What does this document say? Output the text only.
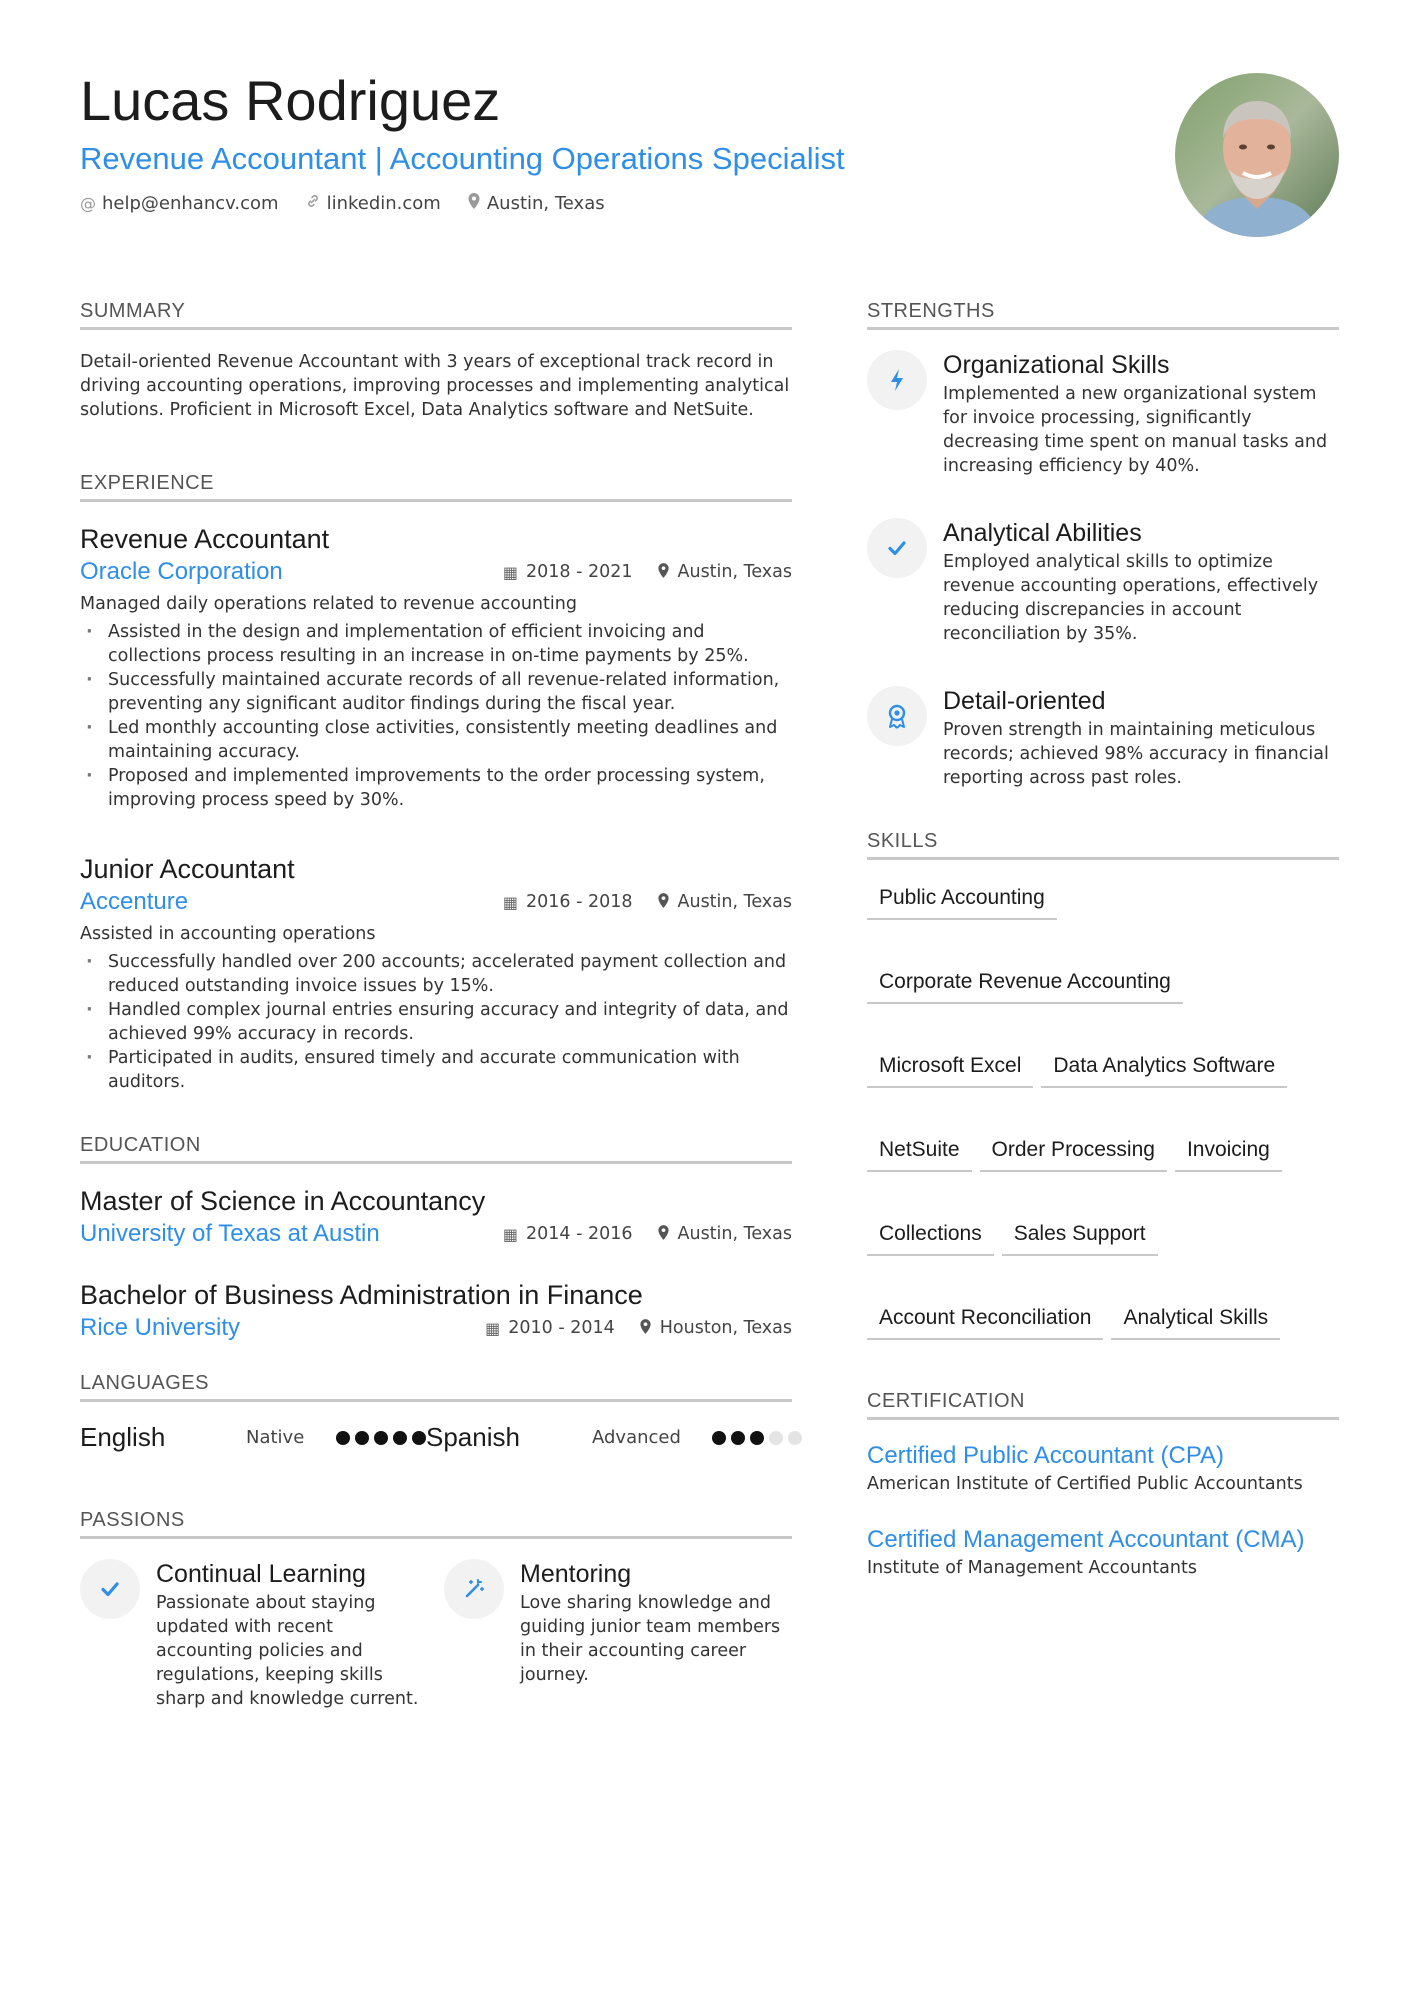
Lucas Rodriguez
Revenue Accountant | Accounting Operations Specialist
@ help@enhancv.com	linkedin.com	Austin, Texas
SUMMARY
Detail-oriented Revenue Accountant with 3 years of exceptional track record in driving accounting operations, improving processes and implementing analytical solutions. Proficient in Microsoft Excel, Data Analytics software and NetSuite.
EXPERIENCE
Revenue Accountant
Oracle Corporation	▦ 2018 - 2021	Austin, Texas
Managed daily operations related to revenue accounting
· Assisted in the design and implementation of efficient invoicing and collections process resulting in an increase in on-time payments by 25%.
· Successfully maintained accurate records of all revenue-related information, preventing any significant auditor findings during the fiscal year.
· Led monthly accounting close activities, consistently meeting deadlines and maintaining accuracy.
· Proposed and implemented improvements to the order processing system, improving process speed by 30%.
Junior Accountant
Accenture	▦ 2016 - 2018	Austin, Texas
Assisted in accounting operations
· Successfully handled over 200 accounts; accelerated payment collection and reduced outstanding invoice issues by 15%.
· Handled complex journal entries ensuring accuracy and integrity of data, and achieved 99% accuracy in records.
· Participated in audits, ensured timely and accurate communication with auditors.
EDUCATION
Master of Science in Accountancy
University of Texas at Austin	▦ 2014 - 2016	Austin, Texas
Bachelor of Business Administration in Finance
Rice University	▦ 2010 - 2014	Houston, Texas
LANGUAGES
English	Native	Spanish	Advanced
PASSIONS
Continual Learning
Passionate about staying updated with recent accounting policies and regulations, keeping skills sharp and knowledge current.
Mentoring
Love sharing knowledge and guiding junior team members in their accounting career journey.
STRENGTHS
Organizational Skills
Implemented a new organizational system for invoice processing, significantly decreasing time spent on manual tasks and increasing efficiency by 40%.
Analytical Abilities
Employed analytical skills to optimize revenue accounting operations, effectively reducing discrepancies in account reconciliation by 35%.
Detail-oriented
Proven strength in maintaining meticulous records; achieved 98% accuracy in financial reporting across past roles.
SKILLS
Public Accounting
Corporate Revenue Accounting
Microsoft Excel	Data Analytics Software
NetSuite	Order Processing	Invoicing
Collections	Sales Support
Account Reconciliation	Analytical Skills
CERTIFICATION
Certified Public Accountant (CPA)
American Institute of Certified Public Accountants
Certified Management Accountant (CMA)
Institute of Management Accountants
